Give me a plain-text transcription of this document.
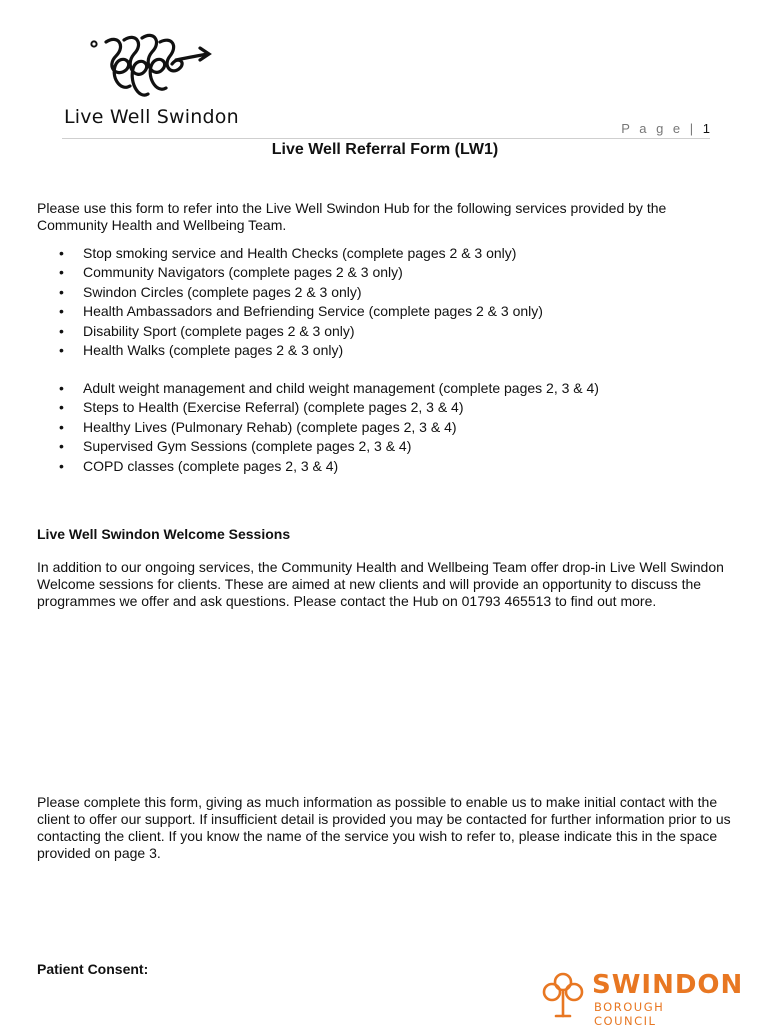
Live Well Swindon
P a g e | 1
Live Well Referral Form (LW1)
Please use this form to refer into the Live Well Swindon Hub for the following services provided by the Community Health and Wellbeing Team.
• Stop smoking service and Health Checks (complete pages 2 & 3 only)
• Community Navigators (complete pages 2 & 3 only)
• Swindon Circles (complete pages 2 & 3 only)
• Health Ambassadors and Befriending Service (complete pages 2 & 3 only)
• Disability Sport (complete pages 2 & 3 only)
• Health Walks (complete pages 2 & 3 only)
• Adult weight management and child weight management (complete pages 2, 3 & 4)
• Steps to Health (Exercise Referral) (complete pages 2, 3 & 4)
• Healthy Lives (Pulmonary Rehab) (complete pages 2, 3 & 4)
• Supervised Gym Sessions (complete pages 2, 3 & 4)
• COPD classes (complete pages 2, 3 & 4)
Live Well Swindon Welcome Sessions
In addition to our ongoing services, the Community Health and Wellbeing Team offer drop-in Live Well Swindon Welcome sessions for clients. These are aimed at new clients and will provide an opportunity to discuss the programmes we offer and ask questions. Please contact the Hub on 01793 465513 to find out more.
Please complete this form, giving as much information as possible to enable us to make initial contact with the client to offer our support. If insufficient detail is provided you may be contacted for further information prior to us contacting the client. If you know the name of the service you wish to refer to, please indicate this in the space provided on page 3.
Patient Consent:
SWINDON
BOROUGH COUNCIL
